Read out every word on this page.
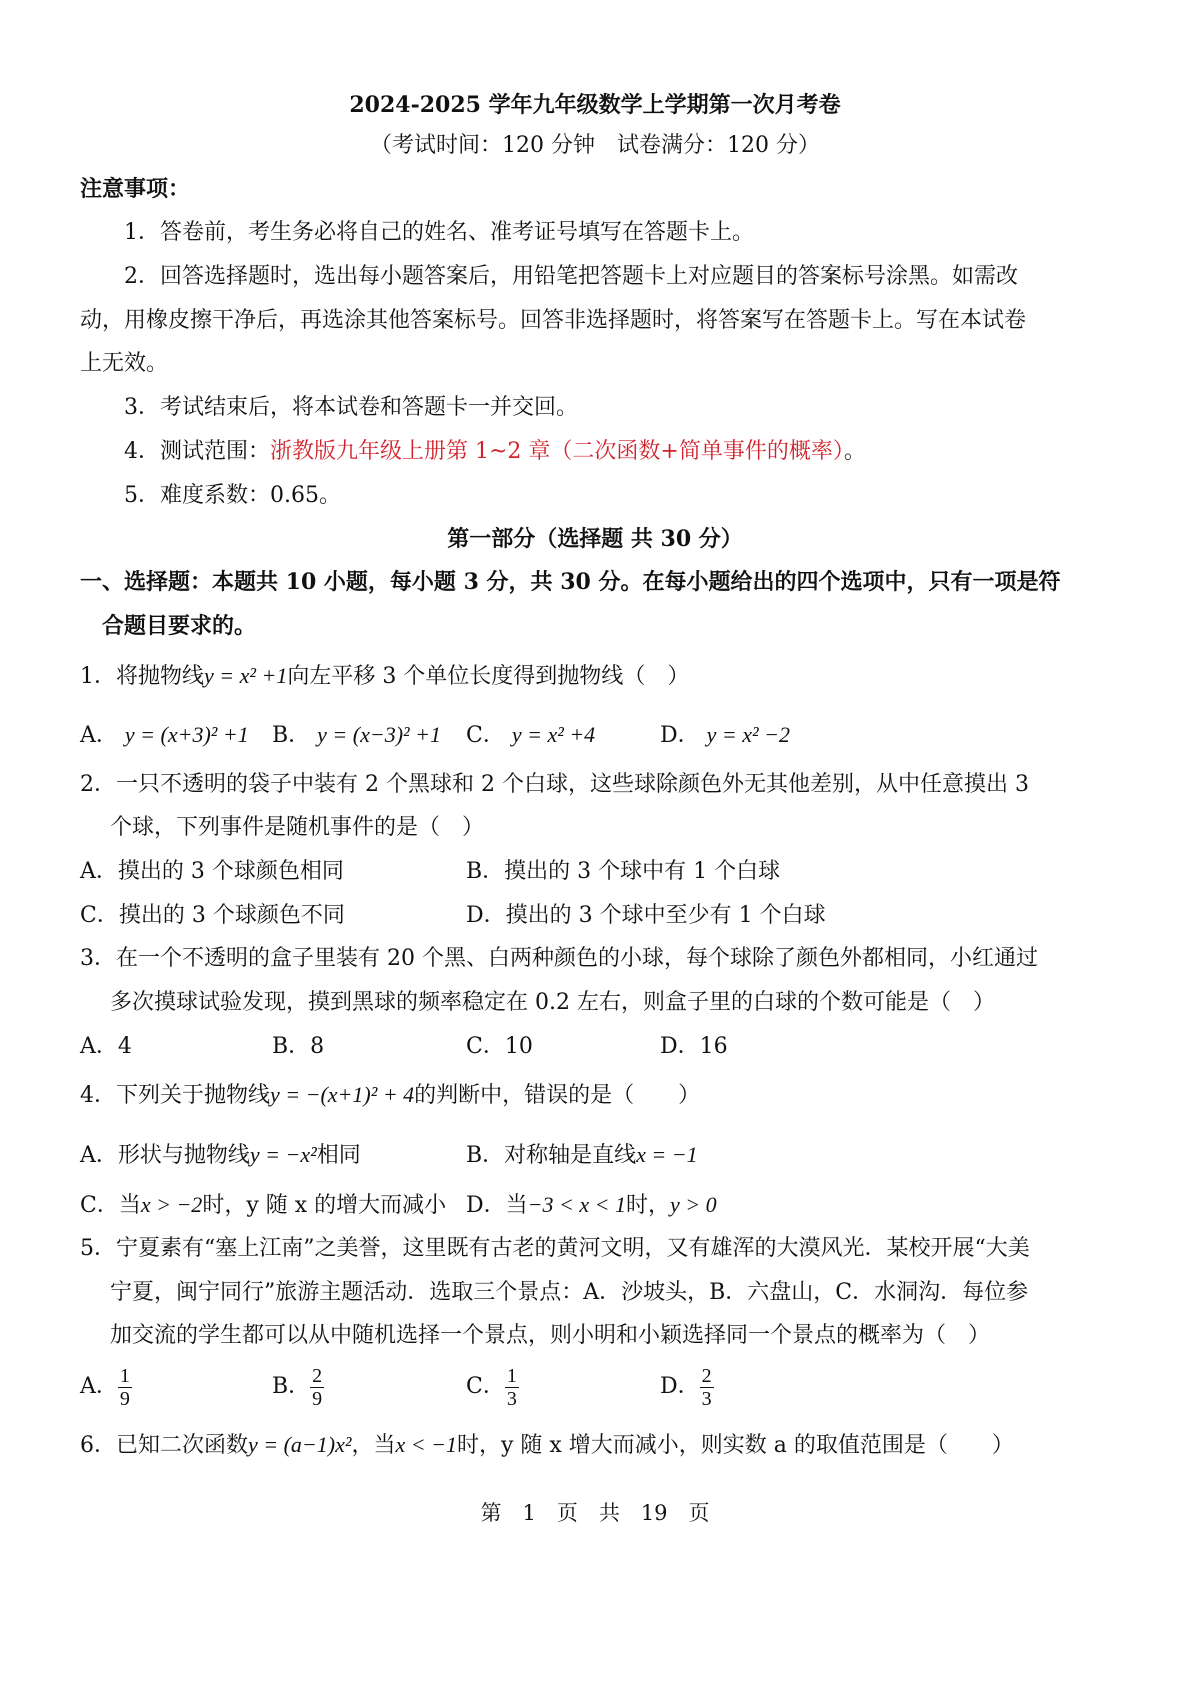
2024-2025 学年九年级数学上学期第一次月考卷
（考试时间：120 分钟　试卷满分：120 分）
注意事项：
1．答卷前，考生务必将自己的姓名、准考证号填写在答题卡上。
2．回答选择题时，选出每小题答案后，用铅笔把答题卡上对应题目的答案标号涂黑。如需改
动，用橡皮擦干净后，再选涂其他答案标号。回答非选择题时，将答案写在答题卡上。写在本试卷
上无效。
3．考试结束后，将本试卷和答题卡一并交回。
4．测试范围：浙教版九年级上册第 1~2 章（二次函数+简单事件的概率）。
5．难度系数：0.65。
第一部分（选择题 共 30 分）
一、选择题：本题共 10 小题，每小题 3 分，共 30 分。在每小题给出的四个选项中，只有一项是符
合题目要求的。
1．将抛物线y = x² +1向左平移 3 个单位长度得到抛物线（　）
A． y = (x+3)² +1 B． y = (x−3)² +1 C． y = x² +4	D． y = x² −2
2．一只不透明的袋子中装有 2 个黑球和 2 个白球，这些球除颜色外无其他差别，从中任意摸出 3
个球，下列事件是随机事件的是（　）
A．摸出的 3 个球颜色相同	B．摸出的 3 个球中有 1 个白球
C．摸出的 3 个球颜色不同	D．摸出的 3 个球中至少有 1 个白球
3．在一个不透明的盒子里装有 20 个黑、白两种颜色的小球，每个球除了颜色外都相同，小红通过
多次摸球试验发现，摸到黑球的频率稳定在 0.2 左右，则盒子里的白球的个数可能是（　）
A．4	B．8	C．10	D．16
4．下列关于抛物线y = −(x+1)² + 4的判断中，错误的是（　　）
A．形状与抛物线y = −x²相同	B．对称轴是直线x = −1
C．当x > −2时，y 随 x 的增大而减小 D．当−3 < x < 1时，y > 0
5．宁夏素有“塞上江南”之美誉，这里既有古老的黄河文明，又有雄浑的大漠风光．某校开展“大美
宁夏，闽宁同行”旅游主题活动．选取三个景点：A．沙坡头，B．六盘山，C．水洞沟．每位参
加交流的学生都可以从中随机选择一个景点，则小明和小颖选择同一个景点的概率为（　）
A． $\frac{1}{9}$	B． $\frac{2}{9}$	C． $\frac{1}{3}$	D． $\frac{2}{3}$
6．已知二次函数y = (a−1)x²，当x < −1时，y 随 x 增大而减小，则实数 a 的取值范围是（　　）
第　1　页　共　19　页
